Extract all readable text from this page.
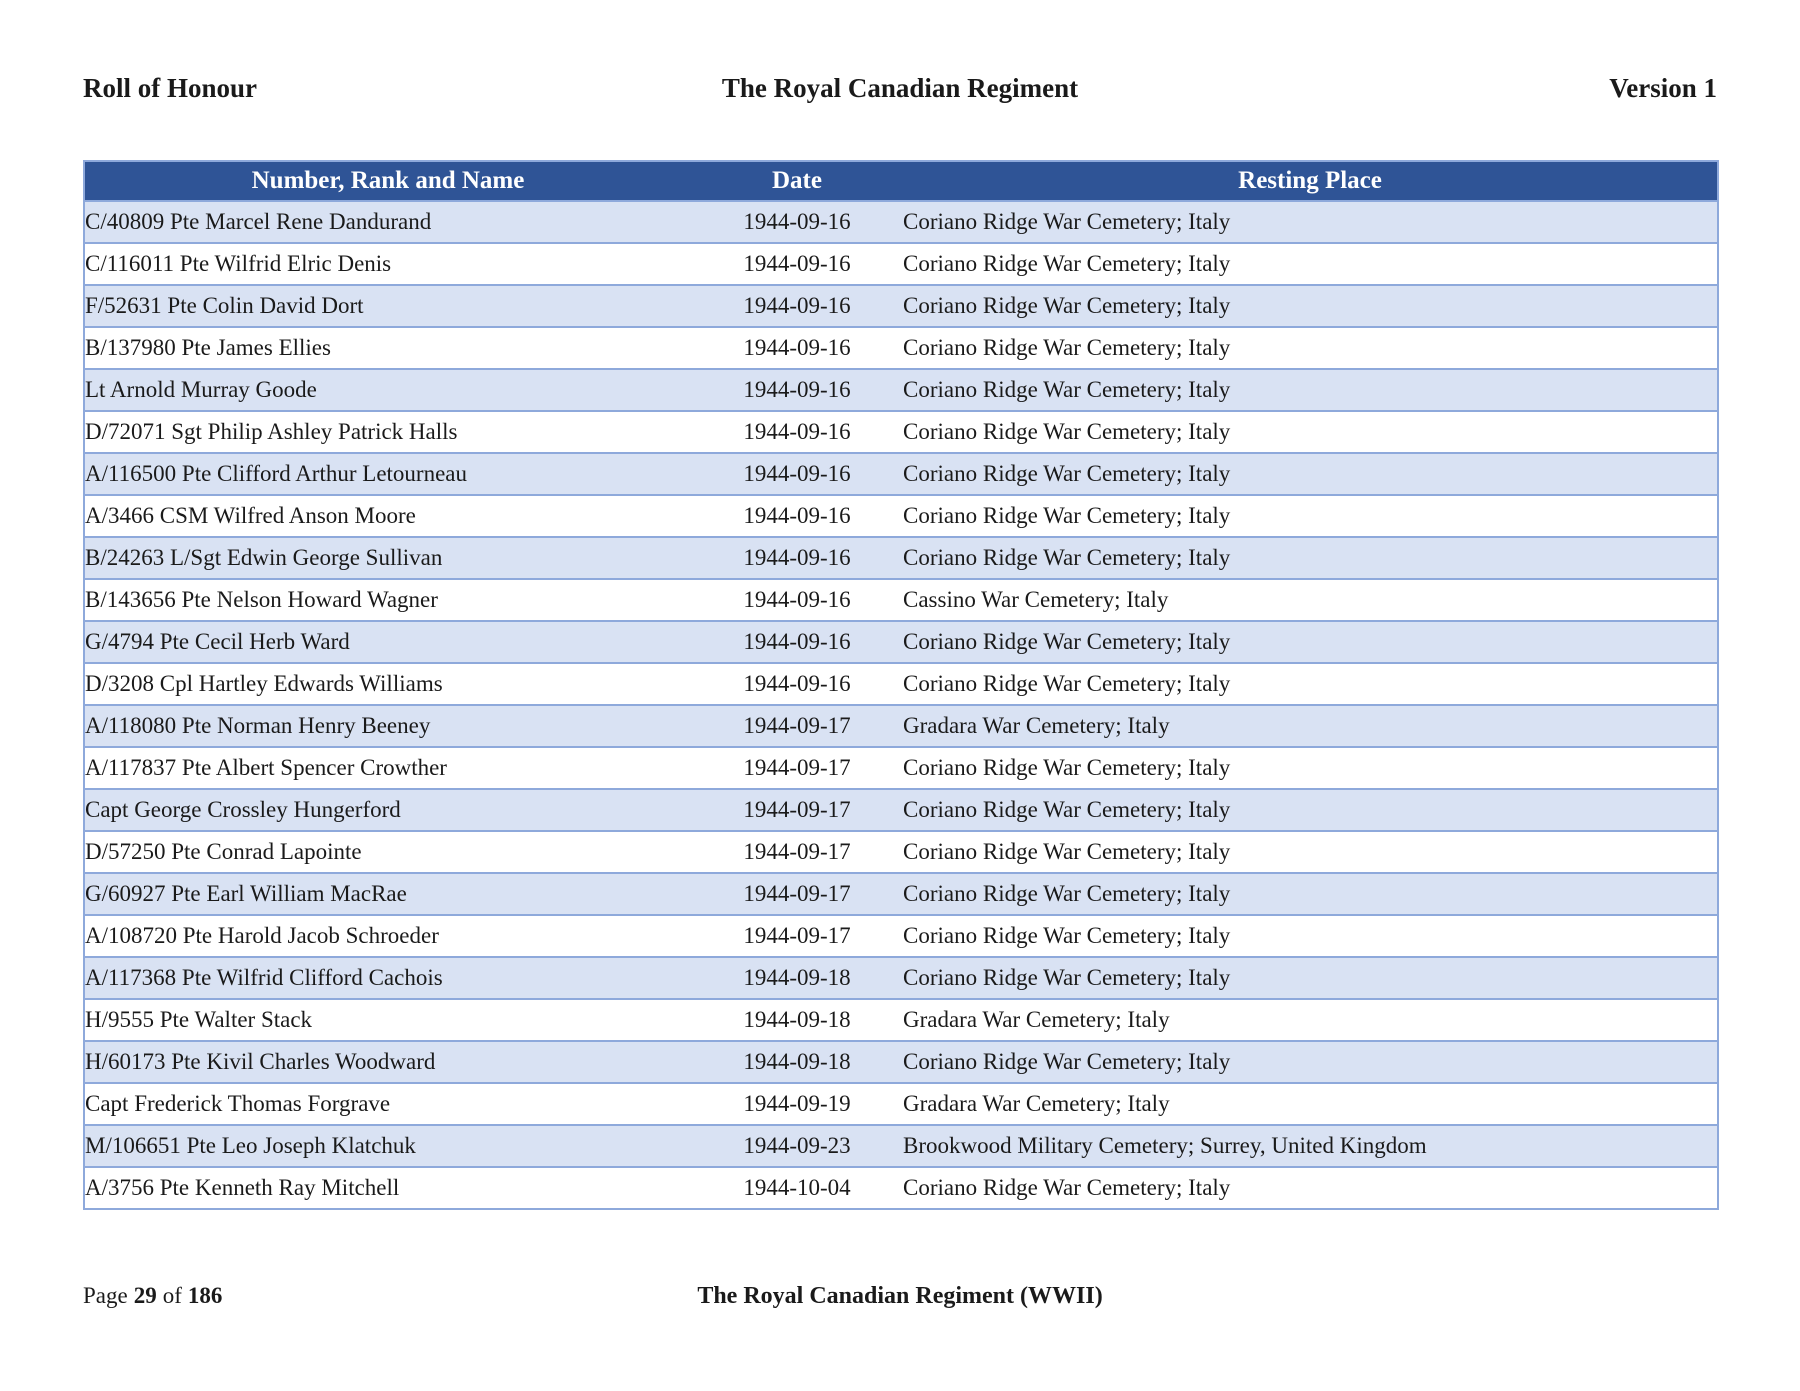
Roll of Honour	The Royal Canadian Regiment	Version 1
Number, Rank and Name	Date	Resting Place
C/40809 Pte Marcel Rene Dandurand	1944-09-16	Coriano Ridge War Cemetery; Italy
C/116011 Pte Wilfrid Elric Denis	1944-09-16	Coriano Ridge War Cemetery; Italy
F/52631 Pte Colin David Dort	1944-09-16	Coriano Ridge War Cemetery; Italy
B/137980 Pte James Ellies	1944-09-16	Coriano Ridge War Cemetery; Italy
Lt Arnold Murray Goode	1944-09-16	Coriano Ridge War Cemetery; Italy
D/72071 Sgt Philip Ashley Patrick Halls	1944-09-16	Coriano Ridge War Cemetery; Italy
A/116500 Pte Clifford Arthur Letourneau	1944-09-16	Coriano Ridge War Cemetery; Italy
A/3466 CSM Wilfred Anson Moore	1944-09-16	Coriano Ridge War Cemetery; Italy
B/24263 L/Sgt Edwin George Sullivan	1944-09-16	Coriano Ridge War Cemetery; Italy
B/143656 Pte Nelson Howard Wagner	1944-09-16	Cassino War Cemetery; Italy
G/4794 Pte Cecil Herb Ward	1944-09-16	Coriano Ridge War Cemetery; Italy
D/3208 Cpl Hartley Edwards Williams	1944-09-16	Coriano Ridge War Cemetery; Italy
A/118080 Pte Norman Henry Beeney	1944-09-17	Gradara War Cemetery; Italy
A/117837 Pte Albert Spencer Crowther	1944-09-17	Coriano Ridge War Cemetery; Italy
Capt George Crossley Hungerford	1944-09-17	Coriano Ridge War Cemetery; Italy
D/57250 Pte Conrad Lapointe	1944-09-17	Coriano Ridge War Cemetery; Italy
G/60927 Pte Earl William MacRae	1944-09-17	Coriano Ridge War Cemetery; Italy
A/108720 Pte Harold Jacob Schroeder	1944-09-17	Coriano Ridge War Cemetery; Italy
A/117368 Pte Wilfrid Clifford Cachois	1944-09-18	Coriano Ridge War Cemetery; Italy
H/9555 Pte Walter Stack	1944-09-18	Gradara War Cemetery; Italy
H/60173 Pte Kivil Charles Woodward	1944-09-18	Coriano Ridge War Cemetery; Italy
Capt Frederick Thomas Forgrave	1944-09-19	Gradara War Cemetery; Italy
M/106651 Pte Leo Joseph Klatchuk	1944-09-23	Brookwood Military Cemetery; Surrey, United Kingdom
A/3756 Pte Kenneth Ray Mitchell	1944-10-04	Coriano Ridge War Cemetery; Italy
Page 29 of 186	The Royal Canadian Regiment (WWII)
